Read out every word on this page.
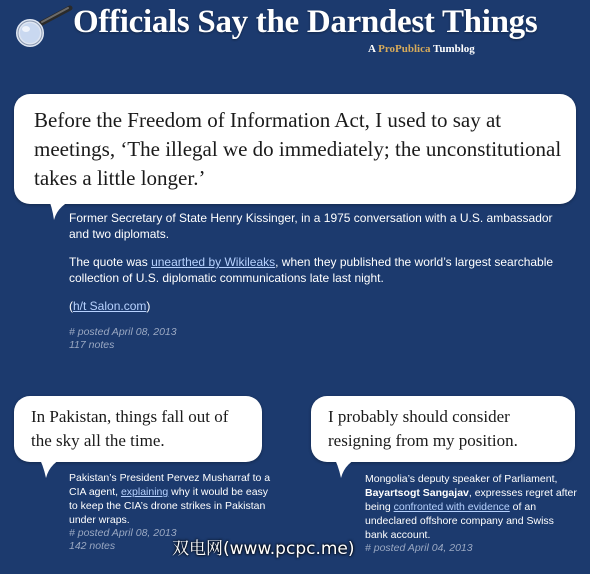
Officials Say the Darndest Things
A ProPublica Tumblog

Before the Freedom of Information Act, I used to say at meetings, ‘The illegal we do immediately; the unconstitutional takes a little longer.’

Former Secretary of State Henry Kissinger, in a 1975 conversation with a U.S. ambassador and two diplomats.

The quote was unearthed by Wikileaks, when they published the world’s largest searchable collection of U.S. diplomatic communications late last night.

(h/t Salon.com)

# posted April 08, 2013
117 notes

In Pakistan, things fall out of the sky all the time.

Pakistan’s President Pervez Musharraf to a CIA agent, explaining why it would be easy to keep the CIA’s drone strikes in Pakistan under wraps.

# posted April 08, 2013
142 notes

I probably should consider resigning from my position.

Mongolia’s deputy speaker of Parliament, Bayartsogt Sangajav, expresses regret after being confronted with evidence of an undeclared offshore company and Swiss bank account.

# posted April 04, 2013
双电网(www.pcpc.me)
